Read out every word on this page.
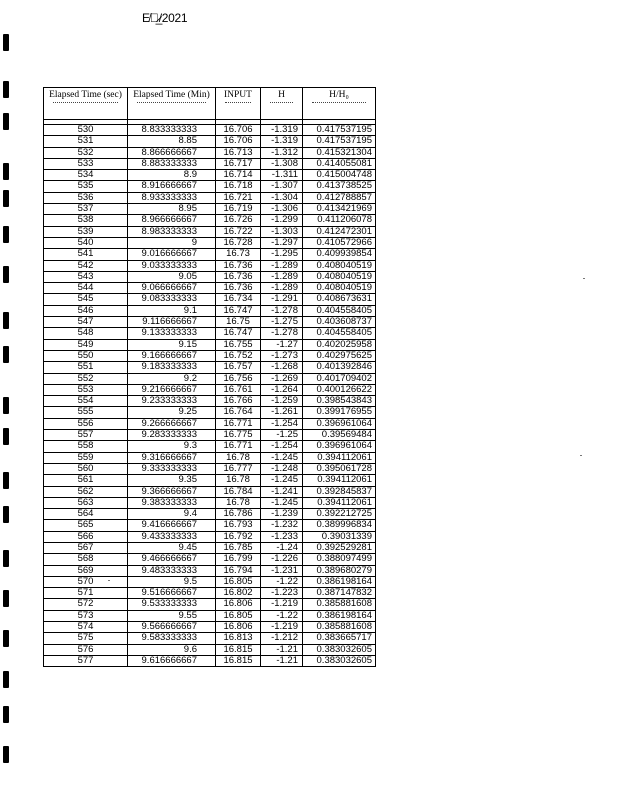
E̸⃥̷̲/2021
Elapsed Time (sec)	Elapsed Time (Min)	INPUT	H	H/H₀

530	8.833333333	16.706	-1.319	0.417537195
531	8.85	16.706	-1.319	0.417537195
532	8.866666667	16.713	-1.312	0.415321304
533	8.883333333	16.717	-1.308	0.414055081
534	8.9	16.714	-1.311	0.415004748
535	8.916666667	16.718	-1.307	0.413738525
536	8.933333333	16.721	-1.304	0.412788857
537	8.95	16.719	-1.306	0.413421969
538	8.966666667	16.726	-1.299	0.411206078
539	8.983333333	16.722	-1.303	0.412472301
540	9	16.728	-1.297	0.410572966
541	9.016666667	16.73	-1.295	0.409939854
542	9.033333333	16.736	-1.289	0.408040519
543	9.05	16.736	-1.289	0.408040519
544	9.066666667	16.736	-1.289	0.408040519
545	9.083333333	16.734	-1.291	0.408673631
546	9.1	16.747	-1.278	0.404558405
547	9.116666667	16.75	-1.275	0.403608737
548	9.133333333	16.747	-1.278	0.404558405
549	9.15	16.755	-1.27	0.402025958
550	9.166666667	16.752	-1.273	0.402975625
551	9.183333333	16.757	-1.268	0.401392846
552	9.2	16.756	-1.269	0.401709402
553	9.216666667	16.761	-1.264	0.400126622
554	9.233333333	16.766	-1.259	0.398543843
555	9.25	16.764	-1.261	0.399176955
556	9.266666667	16.771	-1.254	0.396961064
557	9.283333333	16.775	-1.25	0.39569484
558	9.3	16.771	-1.254	0.396961064
559	9.316666667	16.78	-1.245	0.394112061
560	9.333333333	16.777	-1.248	0.395061728
561	9.35	16.78	-1.245	0.394112061
562	9.366666667	16.784	-1.241	0.392845837
563	9.383333333	16.78	-1.245	0.394112061
564	9.4	16.786	-1.239	0.392212725
565	9.416666667	16.793	-1.232	0.389996834
566	9.433333333	16.792	-1.233	0.39031339
567	9.45	16.785	-1.24	0.392529281
568	9.466666667	16.799	-1.226	0.388097499
569	9.483333333	16.794	-1.231	0.389680279
570	9.5	16.805	-1.22	0.386198164
571	9.516666667	16.802	-1.223	0.387147832
572	9.533333333	16.806	-1.219	0.385881608
573	9.55	16.805	-1.22	0.386198164
574	9.566666667	16.806	-1.219	0.385881608
575	9.583333333	16.813	-1.212	0.383665717
576	9.6	16.815	-1.21	0.383032605
577	9.616666667	16.815	-1.21	0.383032605
